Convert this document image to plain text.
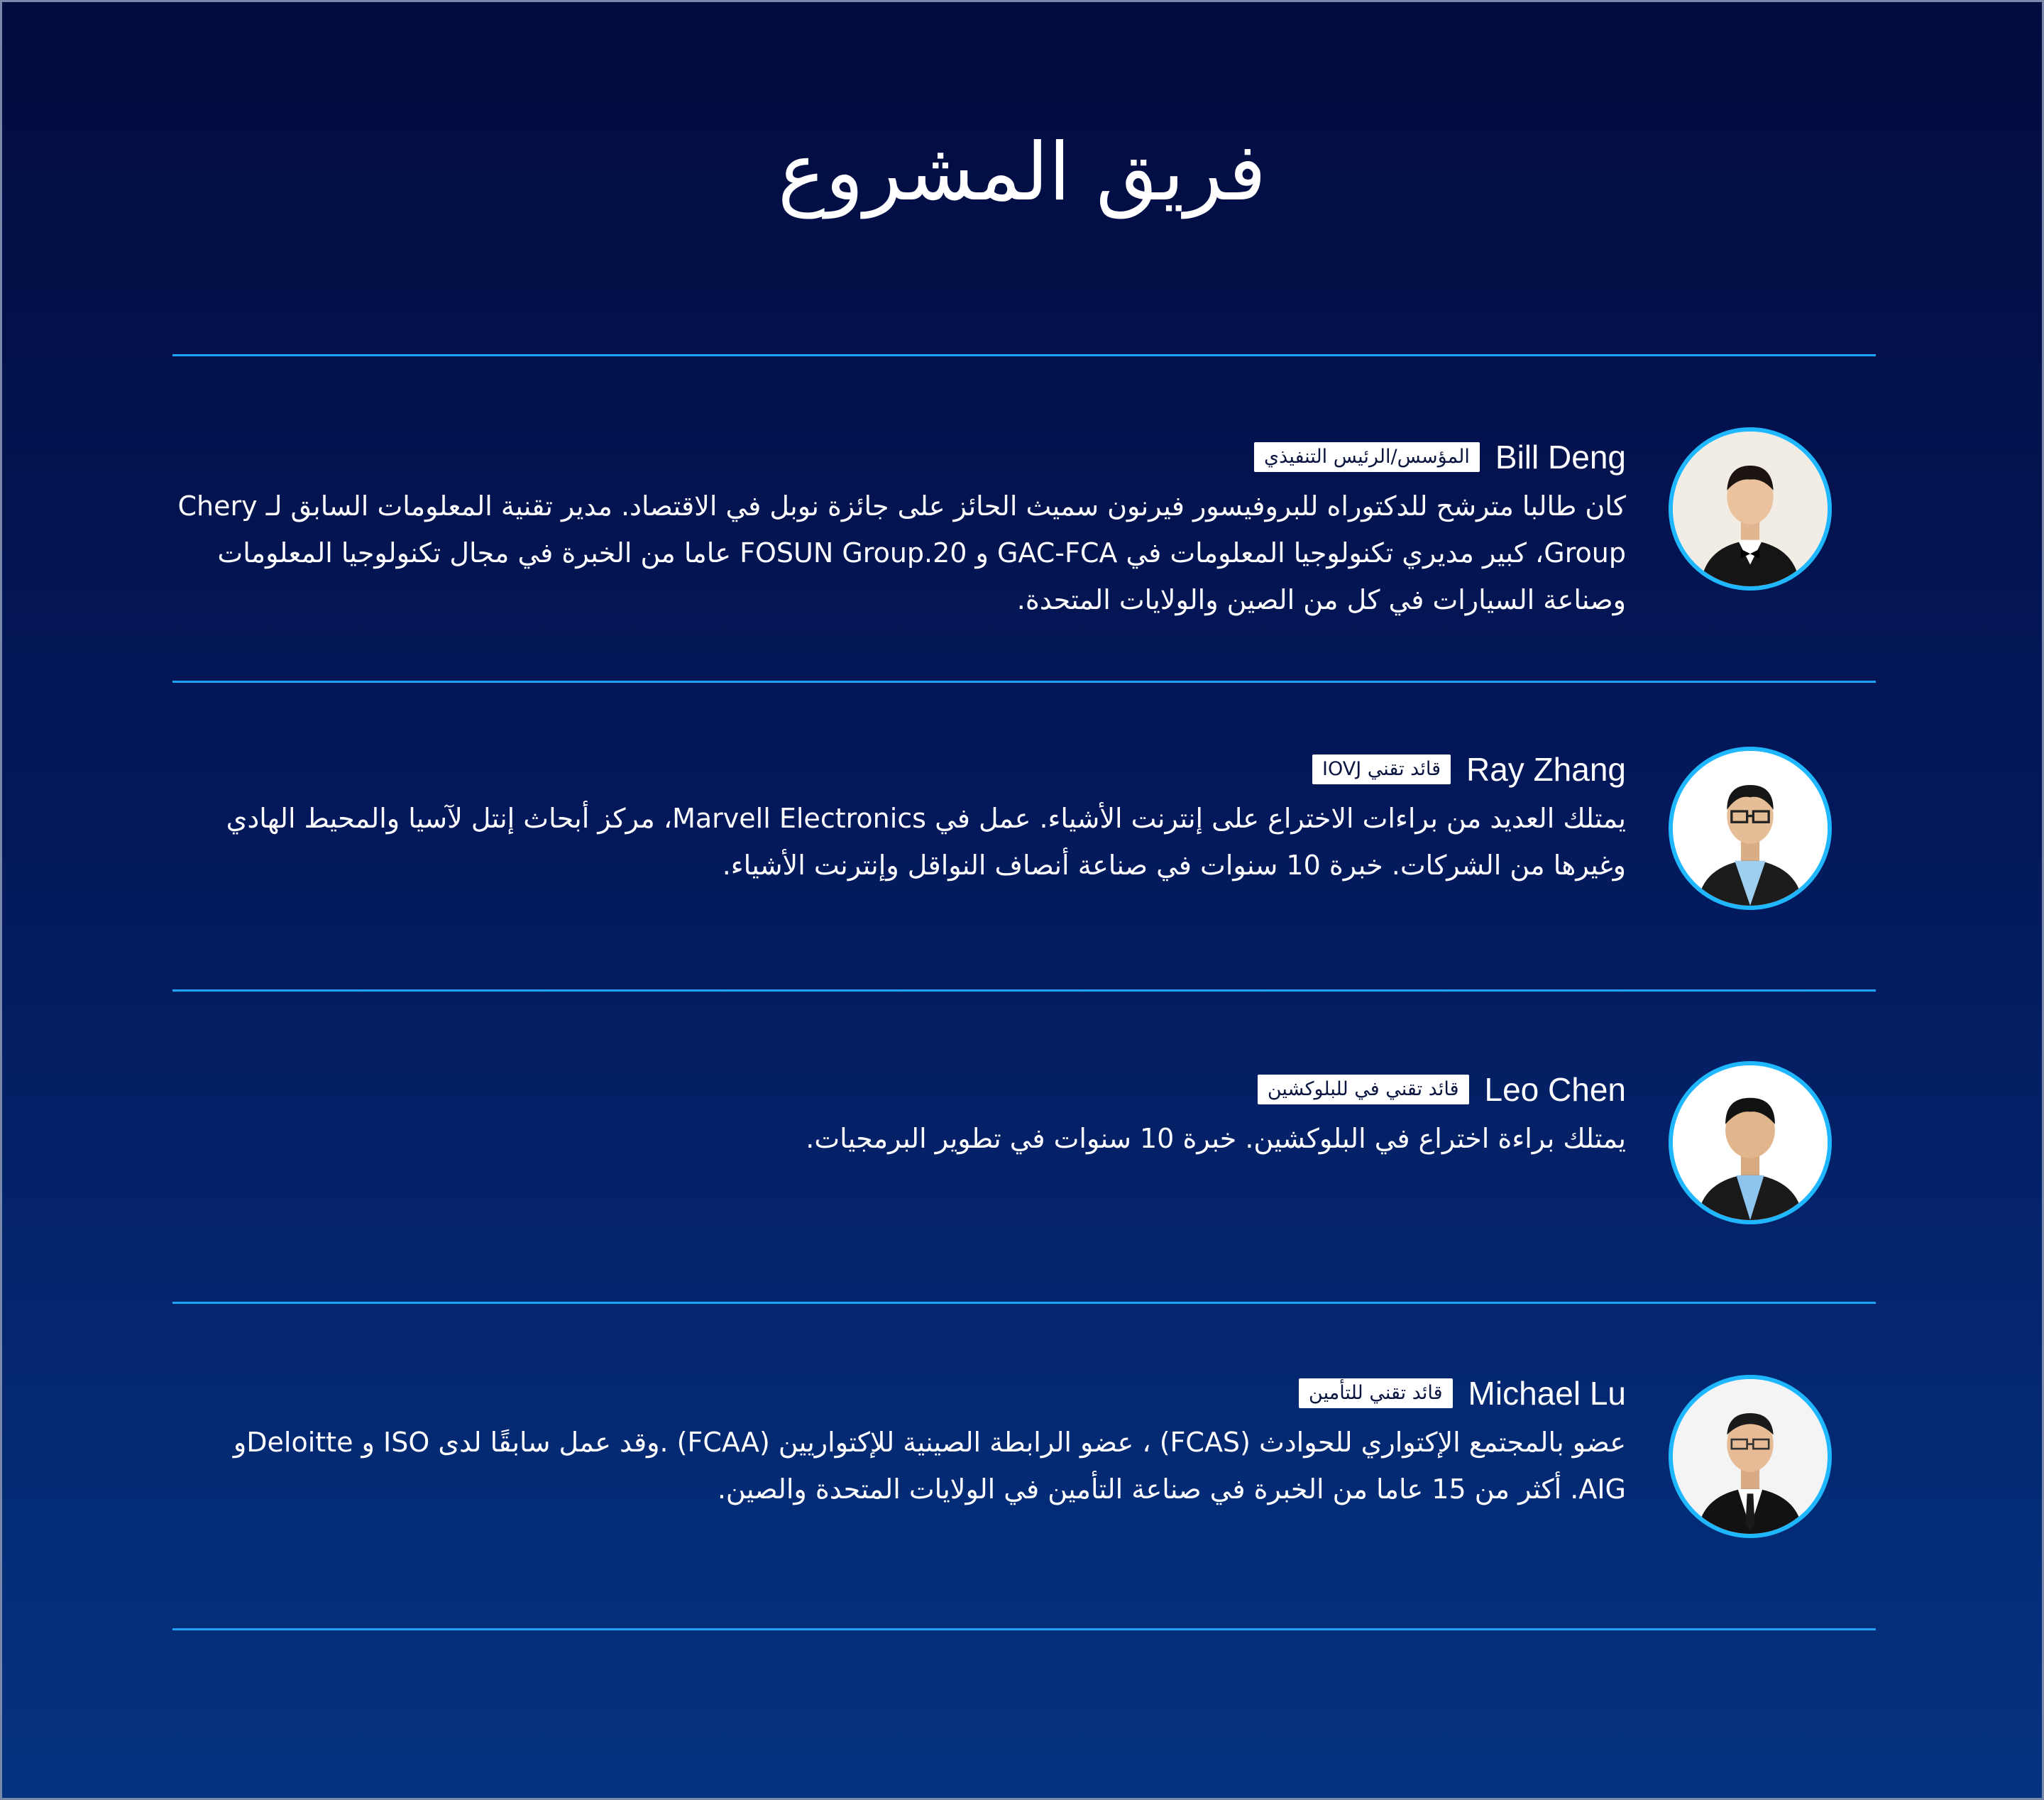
فريق المشروع
Bill Deng
المؤسس/الرئيس التنفيذي
كان طالبا مترشح للدكتوراه للبروفيسور فيرنون سميث الحائز على جائزة نوبل في الاقتصاد. مدير تقنية المعلومات السابق لـ Chery Group، كبير مديري تكنولوجيا المعلومات في GAC-FCA و FOSUN Group.20 عاما من الخبرة في مجال تكنولوجيا المعلومات وصناعة السيارات في كل من الصين والولايات المتحدة.
Ray Zhang
قائد تقني IOVJ
يمتلك العديد من براءات الاختراع على إنترنت الأشياء. عمل في Marvell Electronics، مركز أبحاث إنتل لآسيا والمحيط الهادي وغيرها من الشركات. خبرة 10 سنوات في صناعة أنصاف النواقل وإنترنت الأشياء.
Leo Chen
قائد تقني في للبلوكشين
يمتلك براءة اختراع في البلوكشين. خبرة 10 سنوات في تطوير البرمجيات.
Michael Lu
قائد تقني للتأمين
عضو بالمجتمع الإكتواري للحوادث (FCAS) ، عضو الرابطة الصينية للإكتواريين (FCAA) .وقد عمل سابقًا لدى ISO و Deloitteو AIG. أكثر من 15 عاما من الخبرة في صناعة التأمين في الولايات المتحدة والصين.
